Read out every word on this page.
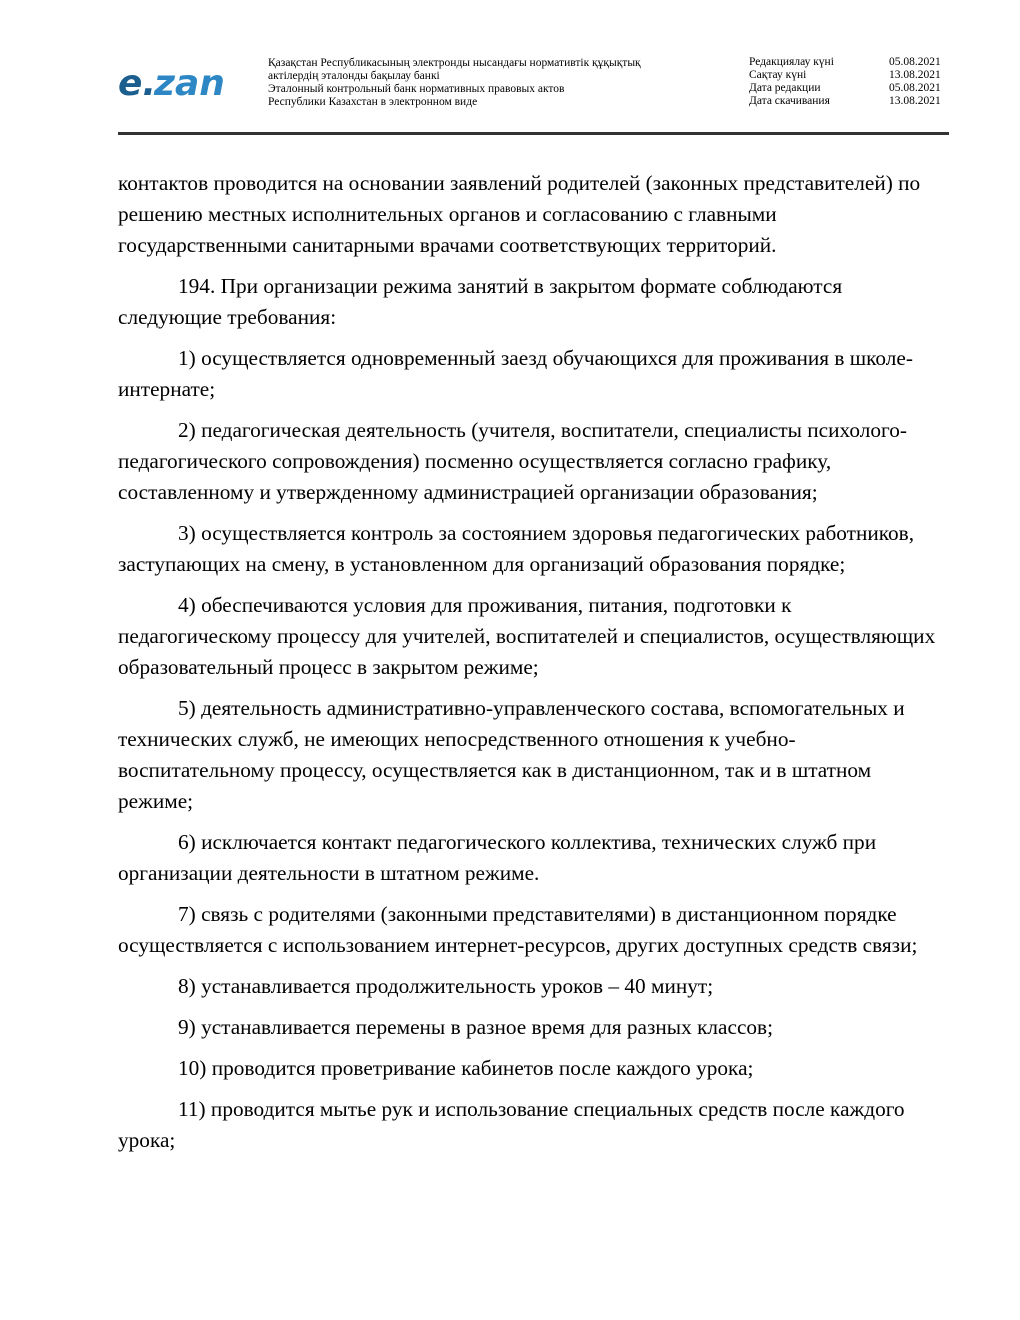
e.
zan	Қазақстан Республикасының электронды нысандағы нормативтік құқықтық
актілердің эталонды бақылау банкі
Эталонный контрольный банк нормативных правовых актов
Республики Казахстан в электронном виде
Редакциялау күні	05.08.2021
Сақтау күні	13.08.2021
Дата редакции	05.08.2021
Дата скачивания	13.08.2021

контактов проводится на основании заявлений родителей (законных представителей) по решению местных исполнительных органов и согласованию с главными государственными санитарными врачами соответствующих территорий.

194. При организации режима занятий в закрытом формате соблюдаются следующие требования:

1) осуществляется одновременный заезд обучающихся для проживания в школе-интернате;

2) педагогическая деятельность (учителя, воспитатели, специалисты психолого-педагогического сопровождения) посменно осуществляется согласно графику, составленному и утвержденному администрацией организации образования;

3) осуществляется контроль за состоянием здоровья педагогических работников, заступающих на смену, в установленном для организаций образования порядке;

4) обеспечиваются условия для проживания, питания, подготовки к педагогическому процессу для учителей, воспитателей и специалистов, осуществляющих образовательный процесс в закрытом режиме;

5) деятельность административно-управленческого состава, вспомогательных и технических служб, не имеющих непосредственного отношения к учебно-воспитательному процессу, осуществляется как в дистанционном, так и в штатном режиме;

6) исключается контакт педагогического коллектива, технических служб при организации деятельности в штатном режиме.

7) связь с родителями (законными представителями) в дистанционном порядке осуществляется с использованием интернет-ресурсов, других доступных средств связи;

8) устанавливается продолжительность уроков – 40 минут;

9) устанавливается перемены в разное время для разных классов;

10) проводится проветривание кабинетов после каждого урока;

11) проводится мытье рук и использование специальных средств после каждого урока;
